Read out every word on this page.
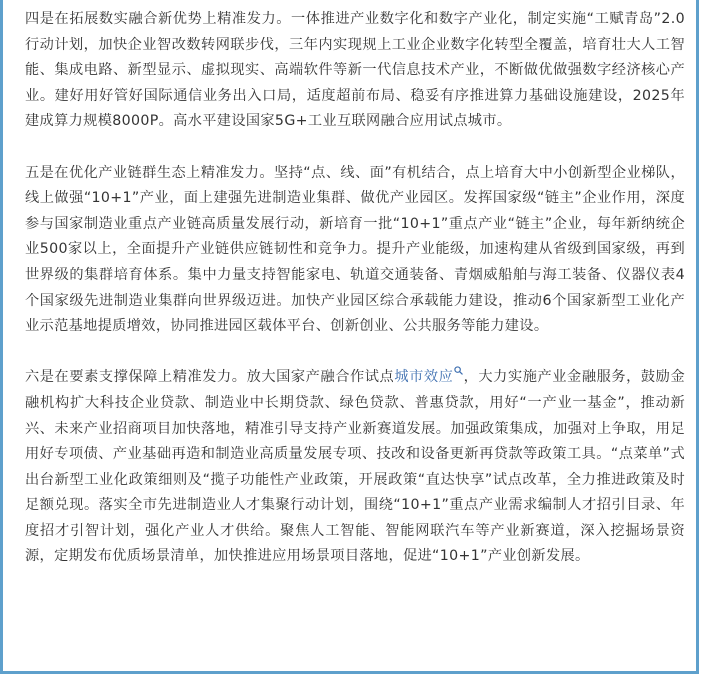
四是在拓展数实融合新优势上精准发力。一体推进产业数字化和数字产业化，制定实施“工赋青岛”2.0行动计划，加快企业智改数转网联步伐，三年内实现规上工业企业数字化转型全覆盖，培育壮大人工智能、集成电路、新型显示、虚拟现实、高端软件等新一代信息技术产业，不断做优做强数字经济核心产业。建好用好管好国际通信业务出入口局，适度超前布局、稳妥有序推进算力基础设施建设，2025年建成算力规模8000P。高水平建设国家5G+工业互联网融合应用试点城市。

五是在优化产业链群生态上精准发力。坚持“点、线、面”有机结合，点上培育大中小创新型企业梯队，线上做强“10+1”产业，面上建强先进制造业集群、做优产业园区。发挥国家级“链主”企业作用，深度参与国家制造业重点产业链高质量发展行动，新培育一批“10+1”重点产业“链主”企业，每年新纳统企业500家以上，全面提升产业链供应链韧性和竞争力。提升产业能级，加速构建从省级到国家级，再到世界级的集群培育体系。集中力量支持智能家电、轨道交通装备、青烟威船舶与海工装备、仪器仪表4个国家级先进制造业集群向世界级迈进。加快产业园区综合承载能力建设，推动6个国家新型工业化产业示范基地提质增效，协同推进园区载体平台、创新创业、公共服务等能力建设。

六是在要素支撑保障上精准发力。放大国家产融合作试点城市效应 ，大力实施产业金融服务，鼓励金融机构扩大科技企业贷款、制造业中长期贷款、绿色贷款、普惠贷款，用好“一产业一基金”，推动新兴、未来产业招商项目加快落地，精准引导支持产业新赛道发展。加强政策集成，加强对上争取，用足用好专项债、产业基础再造和制造业高质量发展专项、技改和设备更新再贷款等政策工具。“点菜单”式出台新型工业化政策细则及“揽子功能性产业政策，开展政策“直达快享”试点改革，全力推进政策及时足额兑现。落实全市先进制造业人才集聚行动计划，围绕“10+1”重点产业需求编制人才招引目录、年度招才引智计划，强化产业人才供给。聚焦人工智能、智能网联汽车等产业新赛道，深入挖掘场景资源，定期发布优质场景清单，加快推进应用场景项目落地，促进“10+1”产业创新发展。
